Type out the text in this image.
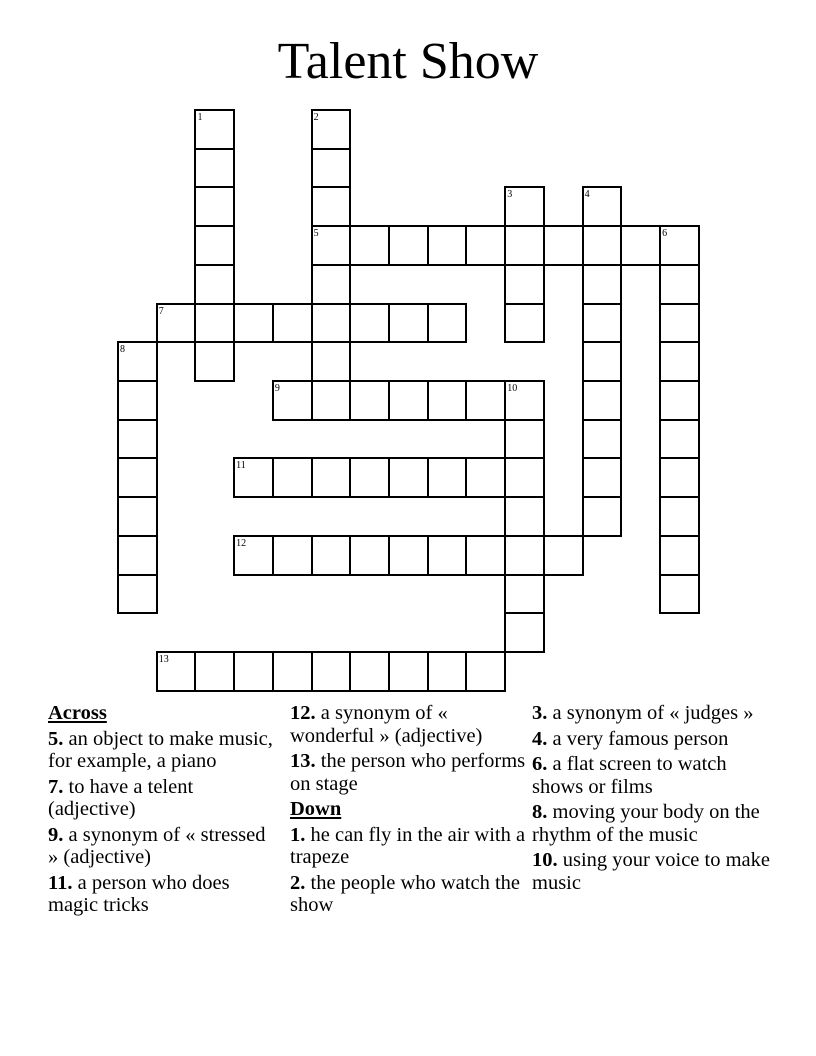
Talent Show
1	2
5
3	4
6
7
8
9	10
11
12
13
Across
5. an object to make music, for example, a piano
7. to have a telent (adjective)
9. a synonym of « stressed » (adjective)
11. a person who does magic tricks
12. a synonym of « wonderful » (adjective)
13. the person who performs on stage
Down
1. he can fly in the air with a trapeze
2. the people who watch the show
3. a synonym of « judges »
4. a very famous person
6. a flat screen to watch shows or films
8. moving your body on the rhythm of the music
10. using your voice to make music
